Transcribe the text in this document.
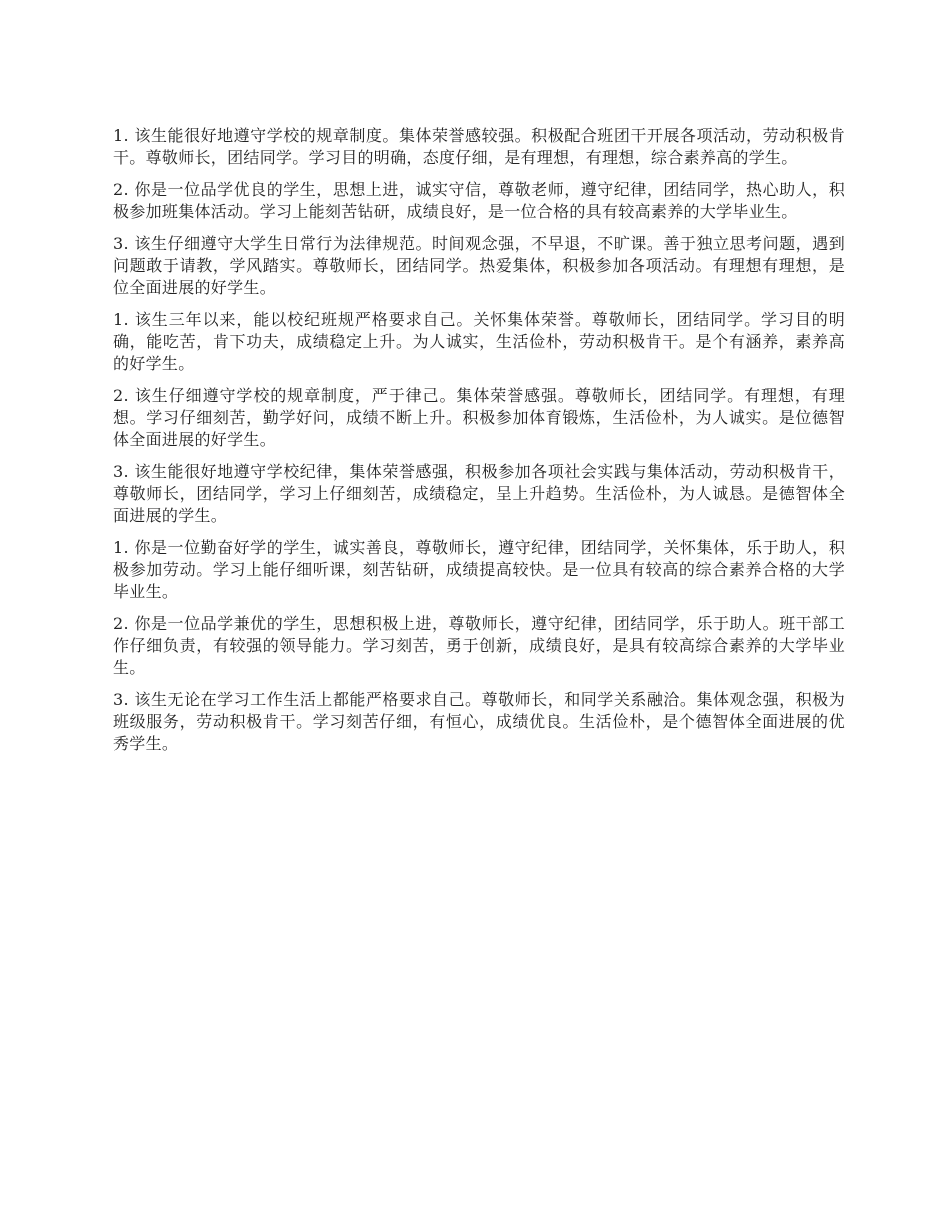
1. 该生能很好地遵守学校的规章制度。集体荣誉感较强。积极配合班团干开展各项活动，劳动积极肯干。尊敬师长，团结同学。学习目的明确，态度仔细，是有理想，有理想，综合素养高的学生。

2. 你是一位品学优良的学生，思想上进，诚实守信，尊敬老师，遵守纪律，团结同学，热心助人，积极参加班集体活动。学习上能刻苦钻研，成绩良好，是一位合格的具有较高素养的大学毕业生。

3. 该生仔细遵守大学生日常行为法律规范。时间观念强，不早退，不旷课。善于独立思考问题，遇到问题敢于请教，学风踏实。尊敬师长，团结同学。热爱集体，积极参加各项活动。有理想有理想，是位全面进展的好学生。

1. 该生三年以来，能以校纪班规严格要求自己。关怀集体荣誉。尊敬师长，团结同学。学习目的明确，能吃苦，肯下功夫，成绩稳定上升。为人诚实，生活俭朴，劳动积极肯干。是个有涵养，素养高的好学生。

2. 该生仔细遵守学校的规章制度，严于律己。集体荣誉感强。尊敬师长，团结同学。有理想，有理想。学习仔细刻苦，勤学好问，成绩不断上升。积极参加体育锻炼，生活俭朴，为人诚实。是位德智体全面进展的好学生。

3. 该生能很好地遵守学校纪律，集体荣誉感强，积极参加各项社会实践与集体活动，劳动积极肯干，尊敬师长，团结同学，学习上仔细刻苦，成绩稳定，呈上升趋势。生活俭朴，为人诚恳。是德智体全面进展的学生。

1. 你是一位勤奋好学的学生，诚实善良，尊敬师长，遵守纪律，团结同学，关怀集体，乐于助人，积极参加劳动。学习上能仔细听课，刻苦钻研，成绩提高较快。是一位具有较高的综合素养合格的大学毕业生。

2. 你是一位品学兼优的学生，思想积极上进，尊敬师长，遵守纪律，团结同学，乐于助人。班干部工作仔细负责，有较强的领导能力。学习刻苦，勇于创新，成绩良好，是具有较高综合素养的大学毕业生。

3. 该生无论在学习工作生活上都能严格要求自己。尊敬师长，和同学关系融洽。集体观念强，积极为班级服务，劳动积极肯干。学习刻苦仔细，有恒心，成绩优良。生活俭朴，是个德智体全面进展的优秀学生。
